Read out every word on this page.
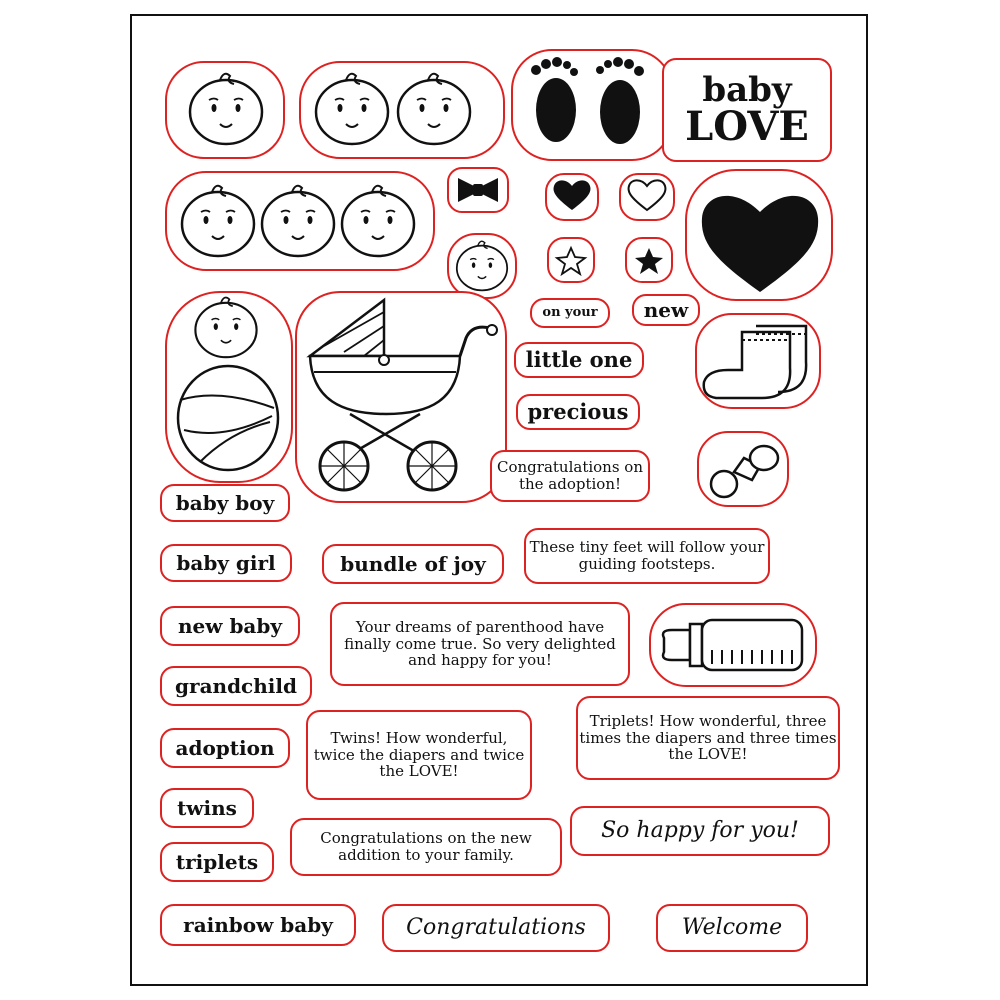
baby
LOVE
on your	new
little one
precious
Congratulations on the adoption!
baby boy
baby girl	bundle of joy
These tiny feet will follow your guiding footsteps.
new baby	Your dreams of parenthood have finally come true. So very delighted and happy for you!
grandchild
adoption	Twins! How wonderful, twice the diapers and twice the LOVE!
Triplets! How wonderful, three times the diapers and three times the LOVE!
twins
triplets
Congratulations on the new addition to your family.
So happy for you!
rainbow baby	Congratulations	Welcome
